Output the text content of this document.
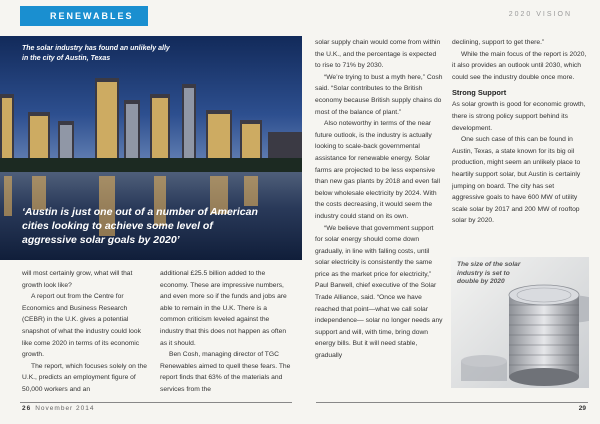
RENEWABLES	2020 VISION
The solar industry has found an unlikely ally in the city of Austin, Texas
‘Austin is just one out of a number of American cities looking to achieve some level of aggressive solar goals by 2020’

will most certainly grow, what will that growth look like?

A report out from the Centre for Economics and Business Research (CEBR) in the U.K. gives a potential snapshot of what the industry could look like come 2020 in terms of its economic growth.

The report, which focuses solely on the U.K., predicts an employment figure of 50,000 workers and an

additional £25.5 billion added to the economy. These are impressive numbers, and even more so if the funds and jobs are able to remain in the U.K. There is a common criticism leveled against the industry that this does not happen as often as it should.

Ben Cosh, managing director of TGC Renewables aimed to quell these fears. The report finds that 63% of the materials and services from the

solar supply chain would come from within the U.K., and the percentage is expected to rise to 71% by 2030.

“We’re trying to bust a myth here,” Cosh said. “Solar contributes to the British economy because British supply chains do most of the balance of plant.”

Also noteworthy in terms of the near future outlook, is the industry is actually looking to scale-back governmental assistance for renewable energy. Solar farms are projected to be less expensive than new gas plants by 2018 and even fall below wholesale electricity by 2024. With the costs decreasing, it would seem the industry could stand on its own.

“We believe that government support for solar energy should come down gradually, in line with falling costs, until solar electricity is consistently the same price as the market price for electricity,” Paul Barwell, chief executive of the Solar Trade Alliance, said. “Once we have reached that point—what we call solar independence— solar no longer needs any support and will, with time, bring down energy bills. But it will need stable, gradually

declining, support to get there.”

While the main focus of the report is 2020, it also provides an outlook until 2030, which could see the industry double once more.

Strong Support

As solar growth is good for economic growth, there is strong policy support behind its development.

One such case of this can be found in Austin, Texas, a state known for its big oil production, might seem an unlikely place to heartily support solar, but Austin is certainly jumping on board. The city has set aggressive goals to have 600 MW of utility scale solar by 2017 and 200 MW of rooftop solar by 2020.

The size of the solar industry is set to double by 2020
26 November 2014	29
